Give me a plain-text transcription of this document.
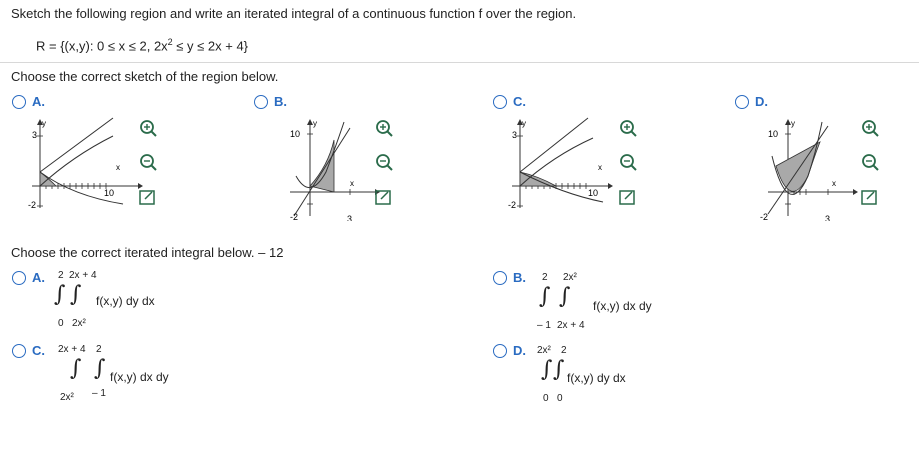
Sketch the following region and write an iterated integral of a continuous function f over the region.
R = {(x,y): 0 ≤ x ≤ 2, $2x^2 \le y \le 2x + 4$}
Choose the correct sketch of the region below.
A.
3
10
-2
x
y
B.
10
3
-2
x
y
C.
3
10
-2
x
y
D.
10
3
-2
x
y
Choose the correct iterated integral below. – 12
A. 2 2x + 4
∫ ∫ f(x,y) dy dx
0 2x²
B. 2 2x²
∫ ∫ f(x,y) dx dy
– 1 2x + 4
C. 2x + 4 2
∫ ∫ f(x,y) dx dy
2x² – 1
D. 2x² 2
∫ ∫ f(x,y) dy dx
0 0
